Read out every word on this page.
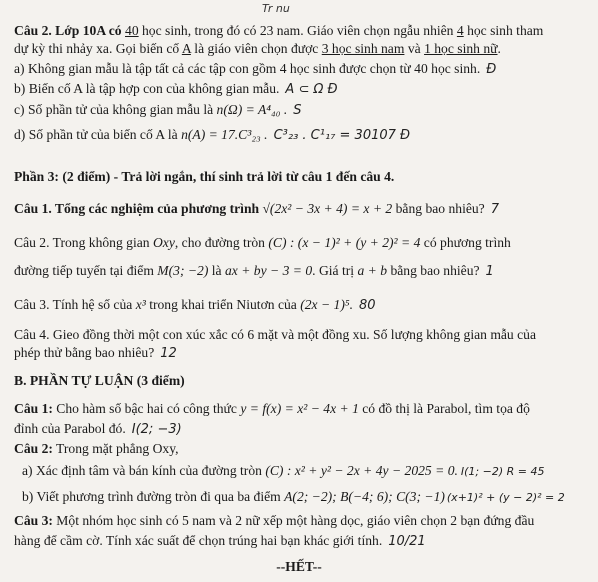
Tr nu
Câu 2. Lớp 10A có 40 học sinh, trong đó có 23 nam. Giáo viên chọn ngẫu nhiên 4 học sinh tham
dự kỳ thi nhảy xa. Gọi biến cố A là giáo viên chọn được 3 học sinh nam và 1 học sinh nữ.
a) Không gian mẫu là tập tất cả các tập con gồm 4 học sinh được chọn từ 40 học sinh. Đ
b) Biến cố A là tập hợp con của không gian mẫu. A ⊂ Ω Đ
c) Số phần tử của không gian mẫu là n(Ω) = A⁴₄₀ . S
d) Số phần tử của biến cố A là n(A) = 17.C³₂₃ . C³₂₃ . C¹₁₇ = 30107 Đ
Phần 3: (2 điểm) - Trả lời ngắn, thí sinh trả lời từ câu 1 đến câu 4.
Câu 1. Tổng các nghiệm của phương trình √(2x² − 3x + 4) = x + 2 bằng bao nhiêu? 7
Câu 2. Trong không gian Oxy, cho đường tròn (C) : (x − 1)² + (y + 2)² = 4 có phương trình
đường tiếp tuyến tại điểm M(3; −2) là ax + by − 3 = 0. Giá trị a + b bằng bao nhiêu? 1
Câu 3. Tính hệ số của x³ trong khai triển Niutơn của (2x − 1)⁵. 80
Câu 4. Gieo đồng thời một con xúc xắc có 6 mặt và một đồng xu. Số lượng không gian mẫu của
phép thử bằng bao nhiêu? 12
B. PHẦN TỰ LUẬN (3 điểm)
Câu 1: Cho hàm số bậc hai có công thức y = f(x) = x² − 4x + 1 có đồ thị là Parabol, tìm tọa độ
đỉnh của Parabol đó. I(2; −3)
Câu 2: Trong mặt phẳng Oxy,
a) Xác định tâm và bán kính của đường tròn (C) : x² + y² − 2x + 4y − 2025 = 0. I(1; −2) R = 45
b) Viết phương trình đường tròn đi qua ba điểm A(2; −2); B(−4; 6); C(3; −1) (x+1)² + (y − 2)² = 2
Câu 3: Một nhóm học sinh có 5 nam và 2 nữ xếp một hàng dọc, giáo viên chọn 2 bạn đứng đầu
hàng để cầm cờ. Tính xác suất để chọn trúng hai bạn khác giới tính. 10/21
--HẾT--
